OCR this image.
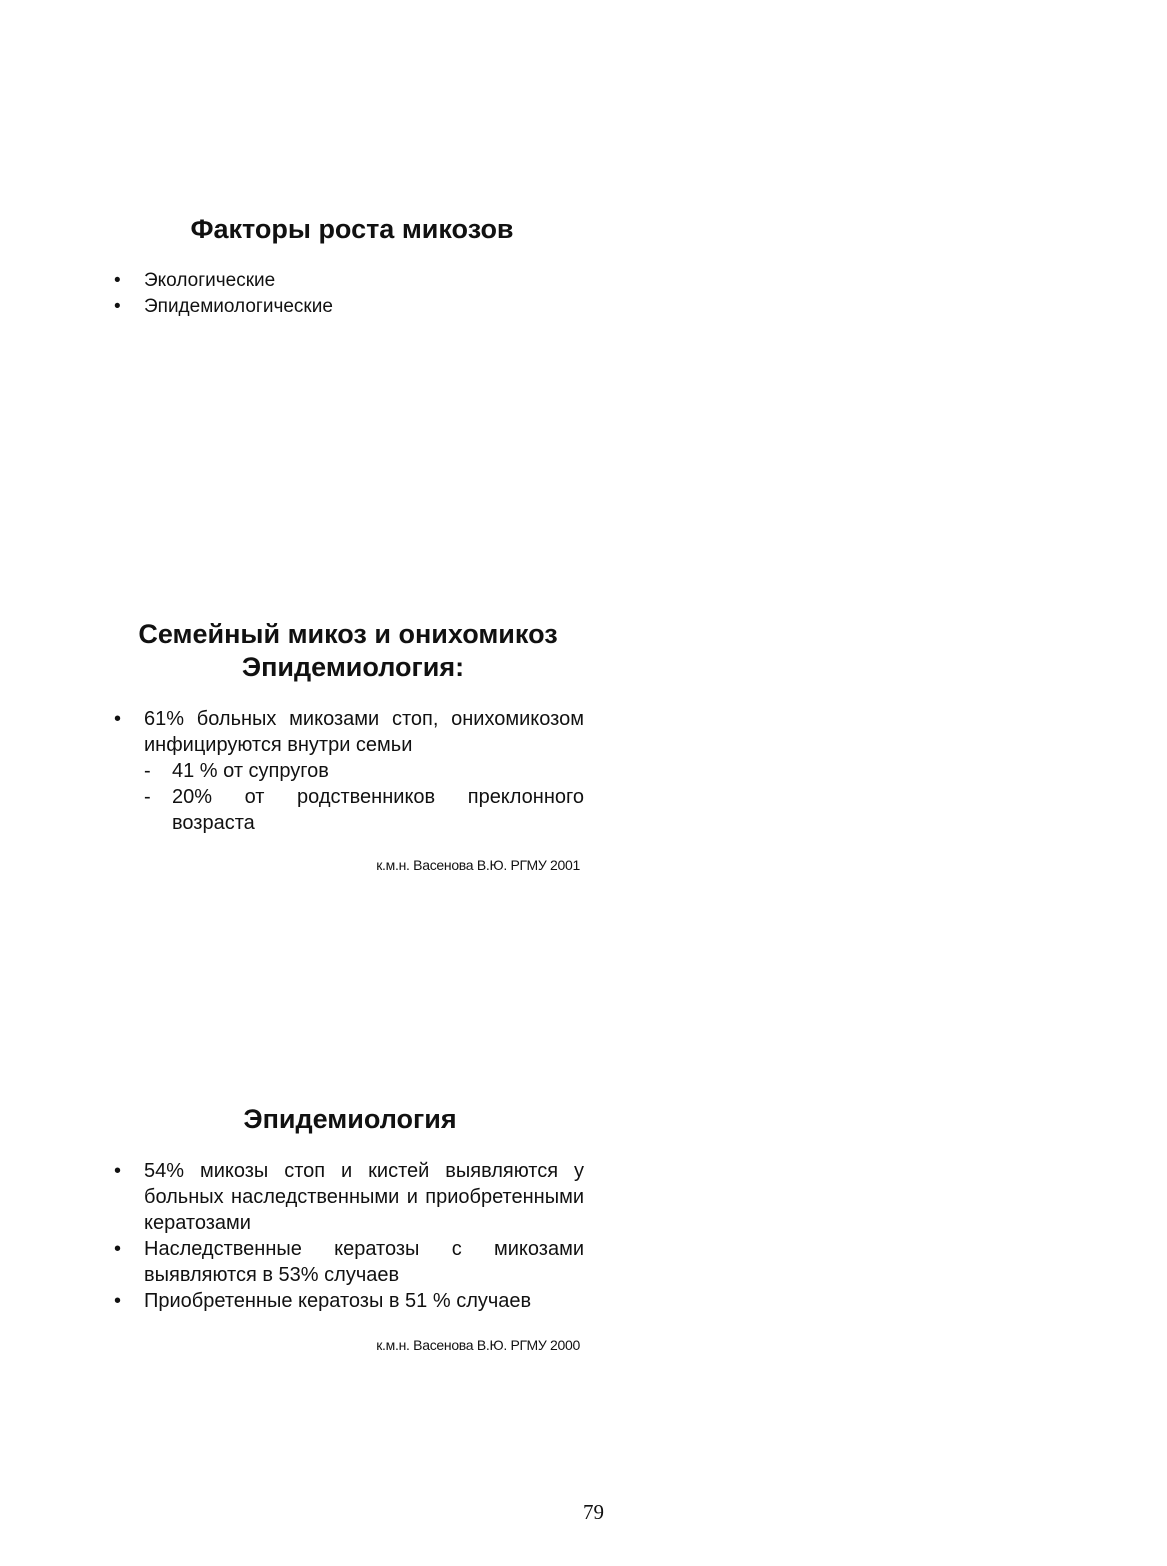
Факторы роста микозов
• Экологические
• Эпидемиологические
Семейный микоз и онихомикоз
Эпидемиология:
• 61% больных микозами стоп, онихомикозом инфицируются внутри семьи
- 41 % от супругов
- 20% от родственников преклонного возраста
к.м.н. Васенова В.Ю. РГМУ 2001
Эпидемиология
• 54% микозы стоп и кистей выявляются у больных наследственными и приобретенными кератозами
• Наследственные кератозы с микозами выявляются в 53% случаев
• Приобретенные кератозы в 51 % случаев
к.м.н. Васенова В.Ю. РГМУ 2000
79
